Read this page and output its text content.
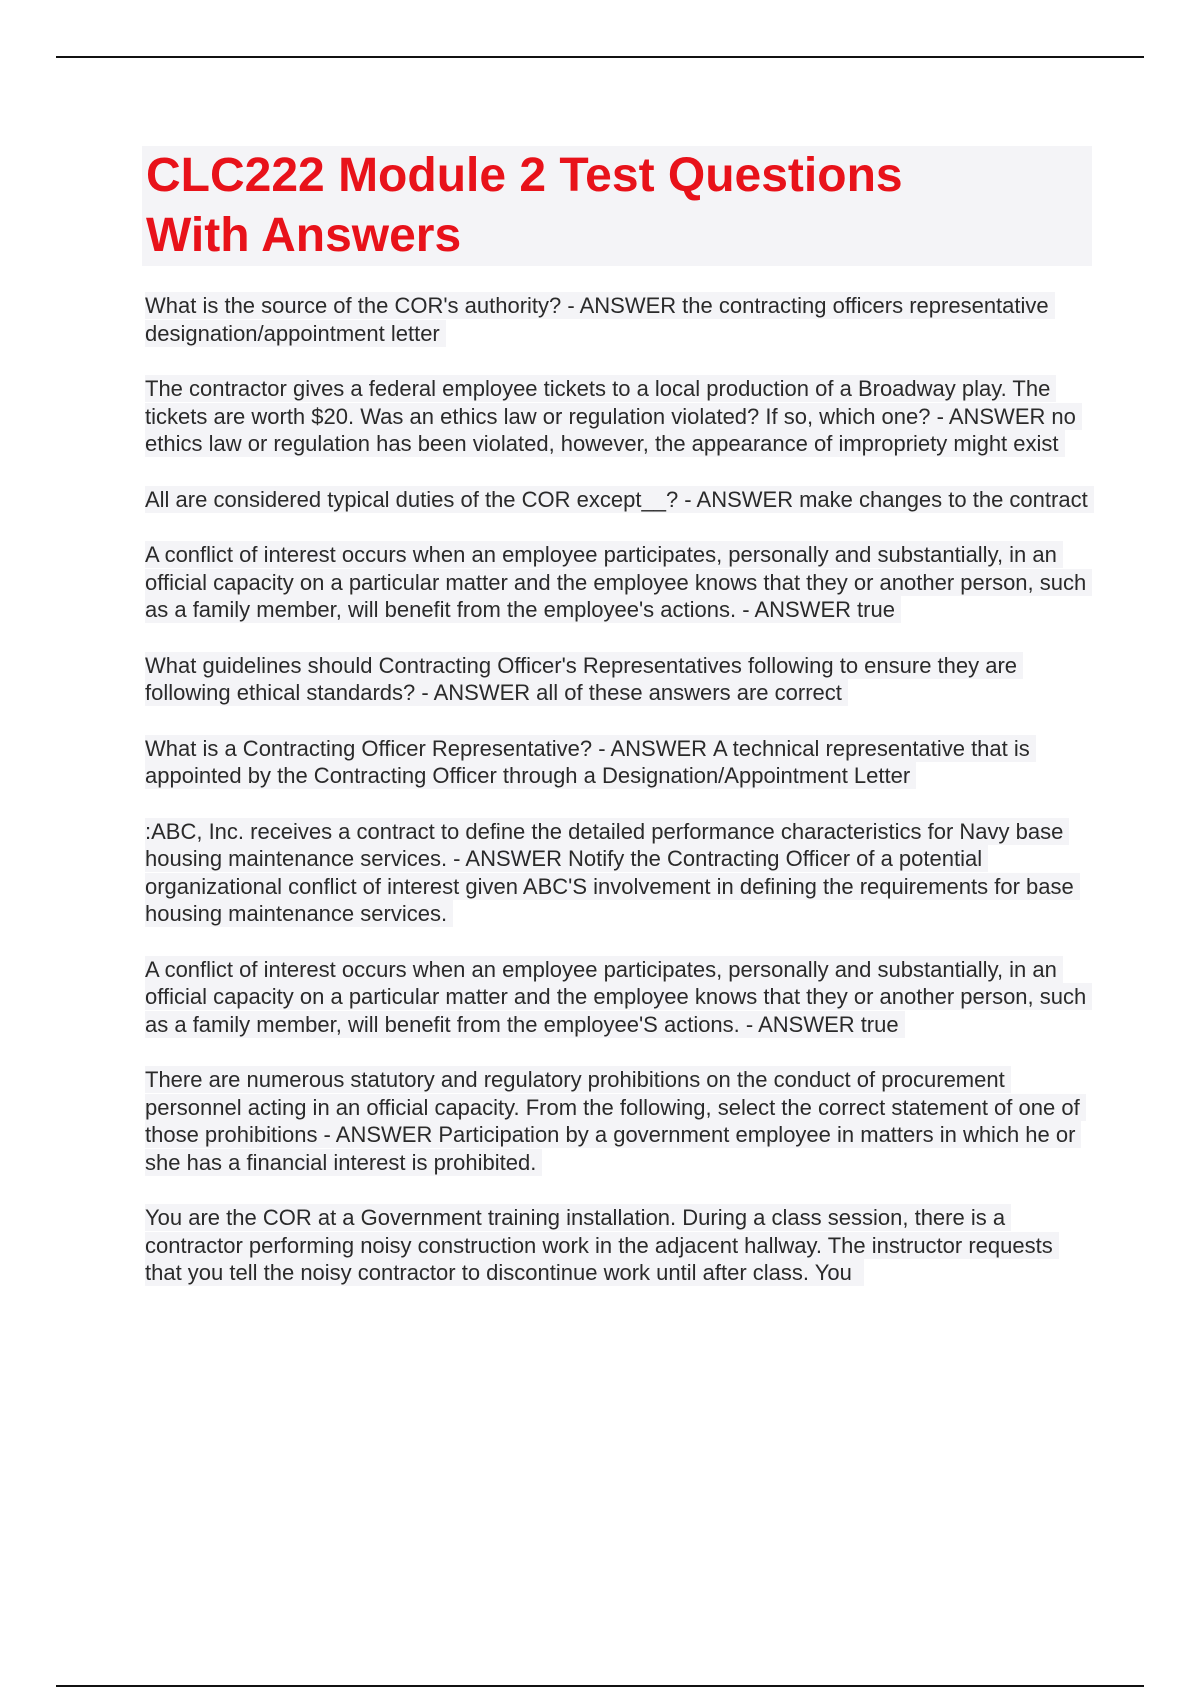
CLC222 Module 2 Test Questions
With Answers

What is the source of the COR's authority? - ANSWER the contracting officers representative designation/appointment letter

The contractor gives a federal employee tickets to a local production of a Broadway play. The tickets are worth $20. Was an ethics law or regulation violated? If so, which one? - ANSWER no ethics law or regulation has been violated, however, the appearance of impropriety might exist

All are considered typical duties of the COR except__? - ANSWER make changes to the contract

A conflict of interest occurs when an employee participates, personally and substantially, in an official capacity on a particular matter and the employee knows that they or another person, such as a family member, will benefit from the employee's actions. - ANSWER true

What guidelines should Contracting Officer's Representatives following to ensure they are following ethical standards? - ANSWER all of these answers are correct

What is a Contracting Officer Representative? - ANSWER A technical representative that is appointed by the Contracting Officer through a Designation/Appointment Letter

:ABC, Inc. receives a contract to define the detailed performance characteristics for Navy base housing maintenance services. - ANSWER Notify the Contracting Officer of a potential organizational conflict of interest given ABC'S involvement in defining the requirements for base housing maintenance services.

A conflict of interest occurs when an employee participates, personally and substantially, in an official capacity on a particular matter and the employee knows that they or another person, such as a family member, will benefit from the employee'S actions. - ANSWER true

There are numerous statutory and regulatory prohibitions on the conduct of procurement personnel acting in an official capacity. From the following, select the correct statement of one of those prohibitions - ANSWER Participation by a government employee in matters in which he or she has a financial interest is prohibited.

You are the COR at a Government training installation. During a class session, there is a contractor performing noisy construction work in the adjacent hallway. The instructor requests that you tell the noisy contractor to discontinue work until after class. You
